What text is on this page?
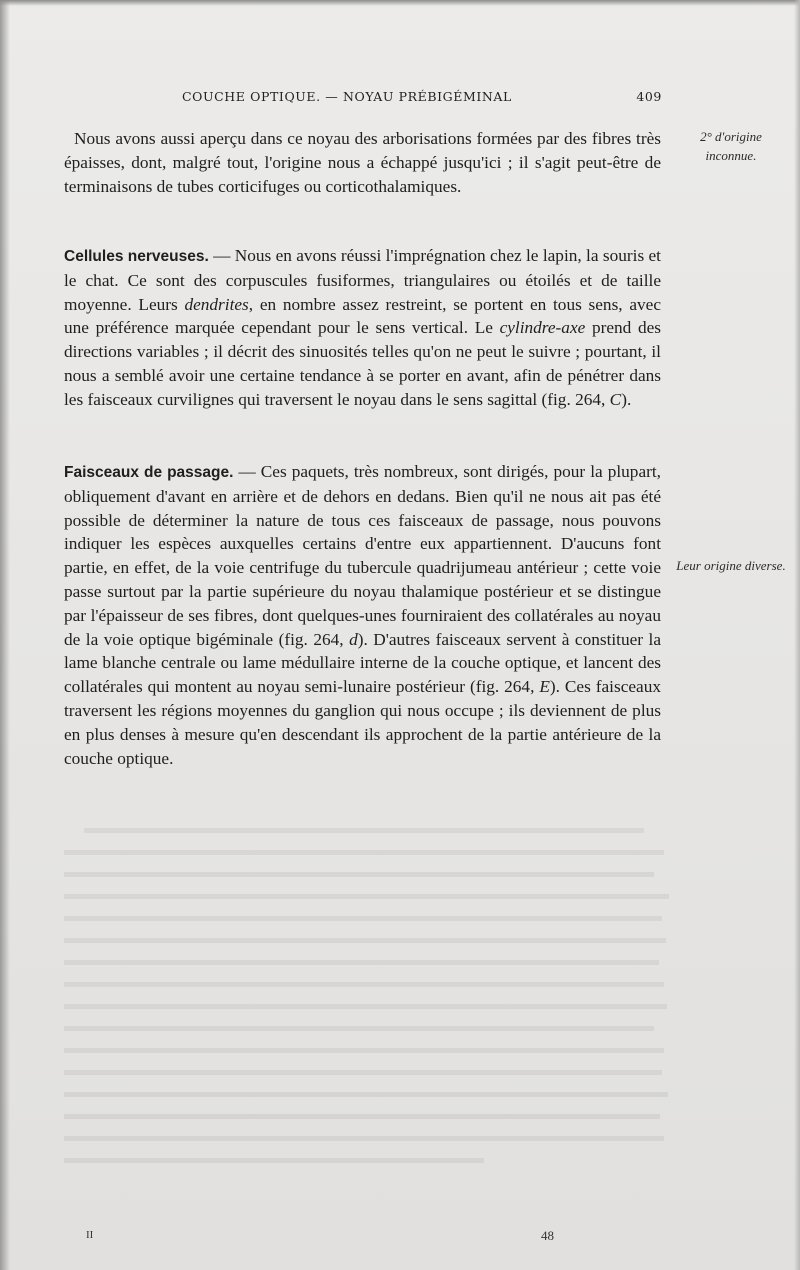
COUCHE OPTIQUE. — NOYAU PRÉBIGÉMINAL	409

Nous avons aussi aperçu dans ce noyau des arborisations formées par des fibres très épaisses, dont, malgré tout, l'origine nous a échappé jusqu'ici ; il s'agit peut-être de terminaisons de tubes corticifuges ou corticothalamiques.

Cellules nerveuses. — Nous en avons réussi l'imprégnation chez le lapin, la souris et le chat. Ce sont des corpuscules fusiformes, triangulaires ou étoilés et de taille moyenne. Leurs dendrites, en nombre assez restreint, se portent en tous sens, avec une préférence marquée cependant pour le sens vertical. Le cylindre-axe prend des directions variables ; il décrit des sinuosités telles qu'on ne peut le suivre ; pourtant, il nous a semblé avoir une certaine tendance à se porter en avant, afin de pénétrer dans les faisceaux curvilignes qui traversent le noyau dans le sens sagittal (fig. 264, C).

Faisceaux de passage. — Ces paquets, très nombreux, sont dirigés, pour la plupart, obliquement d'avant en arrière et de dehors en dedans. Bien qu'il ne nous ait pas été possible de déterminer la nature de tous ces faisceaux de passage, nous pouvons indiquer les espèces auxquelles certains d'entre eux appartiennent. D'aucuns font partie, en effet, de la voie centrifuge du tubercule quadrijumeau antérieur ; cette voie passe surtout par la partie supérieure du noyau thalamique postérieur et se distingue par l'épaisseur de ses fibres, dont quelques-unes fourniraient des collatérales au noyau de la voie optique bigéminale (fig. 264, d). D'autres faisceaux servent à constituer la lame blanche centrale ou lame médullaire interne de la couche optique, et lancent des collatérales qui montent au noyau semi-lunaire postérieur (fig. 264, E). Ces faisceaux traversent les régions moyennes du ganglion qui nous occupe ; ils deviennent de plus en plus denses à mesure qu'en descendant ils approchent de la partie antérieure de la couche optique.

2° d'origine inconnue.
Leur origine diverse.
II	48
